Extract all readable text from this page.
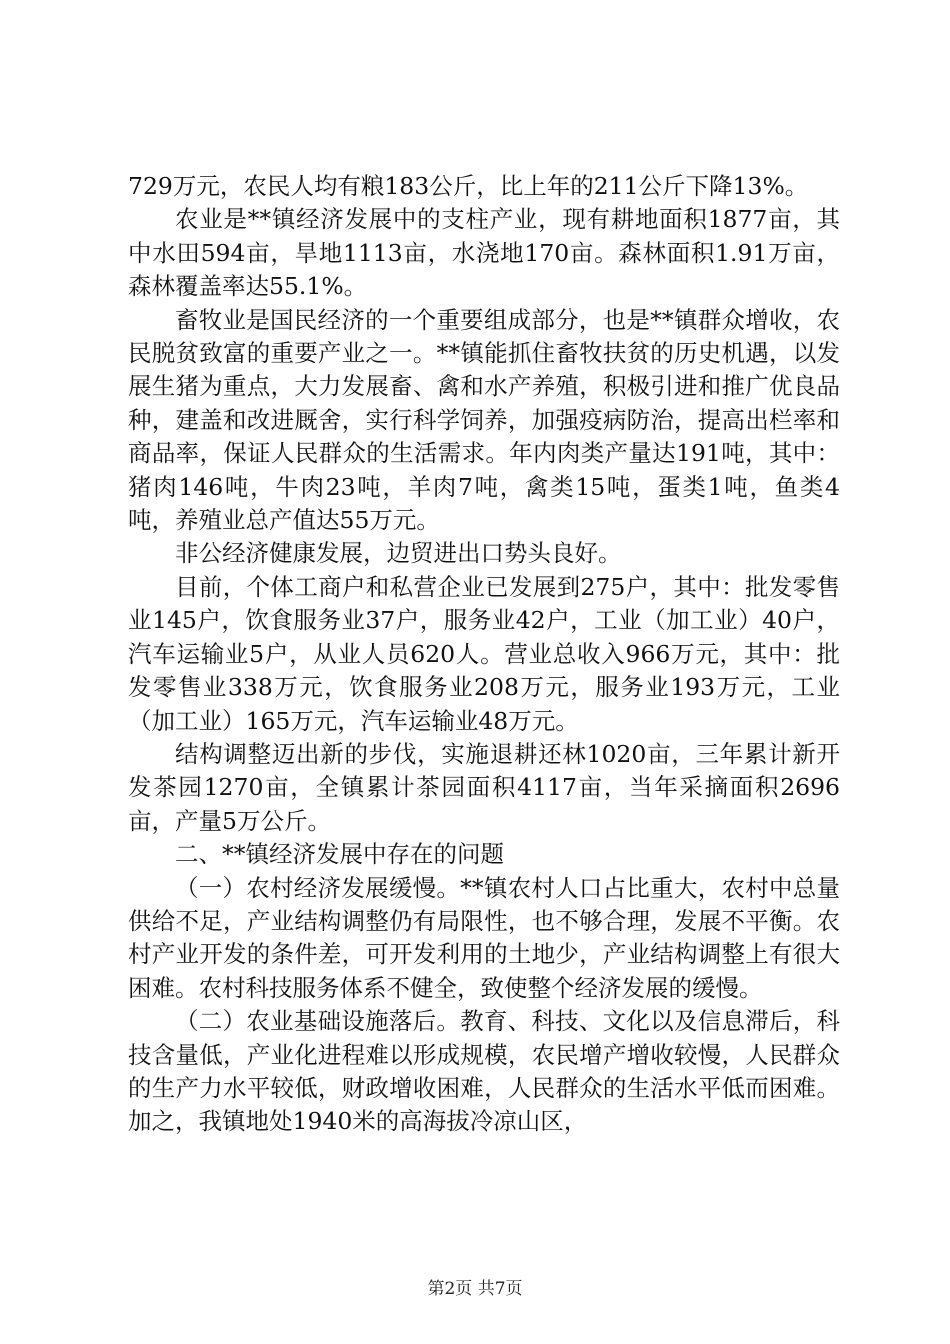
729万元，农民人均有粮183公斤，比上年的211公斤下降13%。

农业是**镇经济发展中的支柱产业，现有耕地面积1877亩，其中水田594亩，旱地1113亩，水浇地170亩。森林面积1.91万亩，森林覆盖率达55.1%。

畜牧业是国民经济的一个重要组成部分，也是**镇群众增收，农民脱贫致富的重要产业之一。**镇能抓住畜牧扶贫的历史机遇，以发展生猪为重点，大力发展畜、禽和水产养殖，积极引进和推广优良品种，建盖和改进厩舍，实行科学饲养，加强疫病防治，提高出栏率和商品率，保证人民群众的生活需求。年内肉类产量达191吨，其中：猪肉146吨，牛肉23吨，羊肉7吨，禽类15吨，蛋类1吨，鱼类4吨，养殖业总产值达55万元。

非公经济健康发展，边贸进出口势头良好。

目前，个体工商户和私营企业已发展到275户，其中：批发零售业145户，饮食服务业37户，服务业42户，工业（加工业）40户，汽车运输业5户，从业人员620人。营业总收入966万元，其中：批发零售业338万元，饮食服务业208万元，服务业193万元，工业（加工业）165万元，汽车运输业48万元。

结构调整迈出新的步伐，实施退耕还林1020亩，三年累计新开发茶园1270亩，全镇累计茶园面积4117亩，当年采摘面积2696亩，产量5万公斤。

二、**镇经济发展中存在的问题

（一）农村经济发展缓慢。**镇农村人口占比重大，农村中总量供给不足，产业结构调整仍有局限性，也不够合理，发展不平衡。农村产业开发的条件差，可开发利用的土地少，产业结构调整上有很大困难。农村科技服务体系不健全，致使整个经济发展的缓慢。

（二）农业基础设施落后。教育、科技、文化以及信息滞后，科技含量低，产业化进程难以形成规模，农民增产增收较慢，人民群众的生产力水平较低，财政增收困难，人民群众的生活水平低而困难。加之，我镇地处1940米的高海拔冷凉山区，

第2页 共7页
